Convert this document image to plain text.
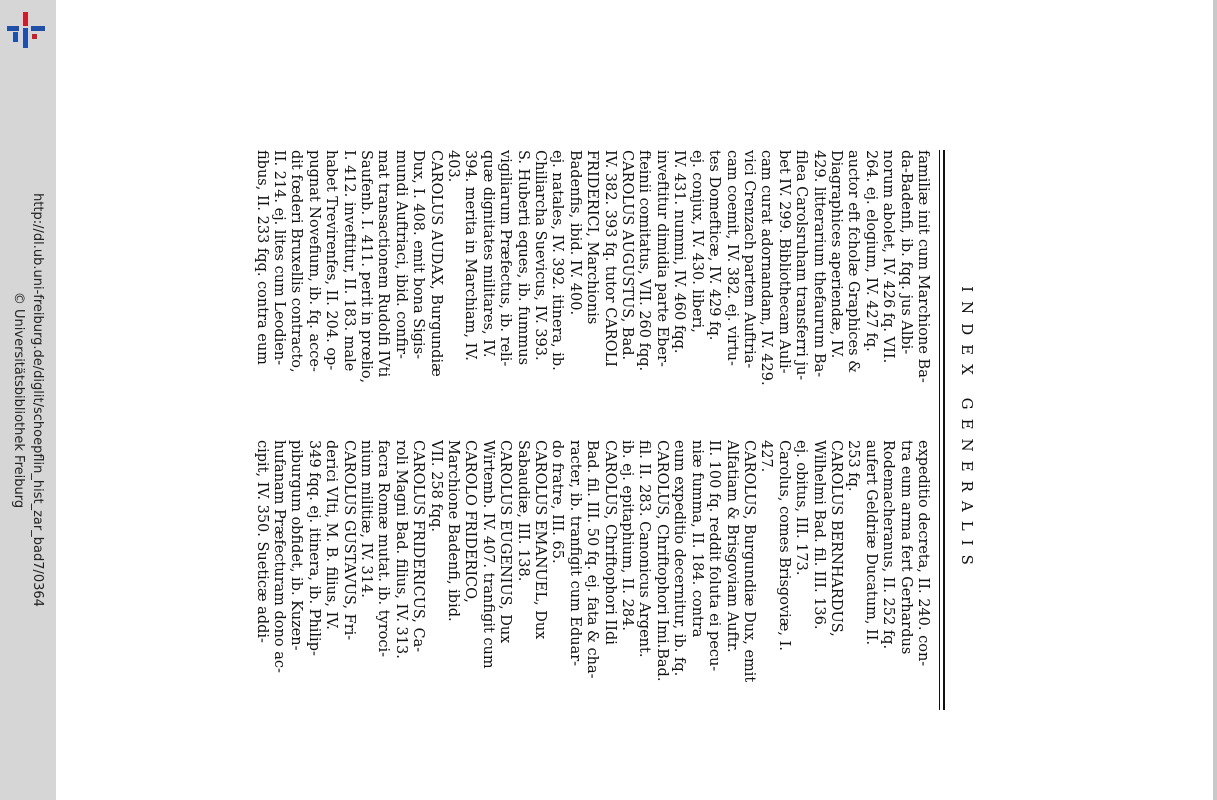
http://dl.ub.uni-freiburg.de/diglit/schoepflin_hist_zar_bad7/0364
© Universitätsbibliothek Freiburg	INDEX GENERALIS
familiæ init cum Marchione Ba-
da-Badenfi, ib. fqq. jus Albi-
norum abolet, IV. 426 fq. VII.
264. ej. elogium, IV. 427 fq.
auctor eft fcholæ Graphices &
Diagraphices aperiendæ, IV.
429. litterarium thefaurum Ba-
filea Carolsruham transferri ju-
bet IV. 299. Bibliothecam Auli-
cam curat adornandam, IV. 429.
vici Crenzach partem Auftria-
cam coemit, IV. 382. ej. virtu-
tes Domefticæ, IV. 429 fq.
ej. conjux, IV. 430. liberi,
IV. 431. nummi, IV. 460 fqq.
inveftitur dimidia parte Eber-
fteinii comitatus, VII. 260 fqq.
CAROLUS AUGUSTUS, Bad.
IV. 382. 393 fq. tutor CAROLI
FRIDERICI, Marchionis
Badenfis, ibid. IV. 400.
ej. natales, IV. 392. itinera, ib.
Chiliarcha Suevicus, IV. 393.
S. Huberti eques, ib. fummus
vigiliarum Præfectus, ib. reli-
quæ dignitates militares, IV.
394. merita in Marchiam, IV.
403.
CAROLUS AUDAX, Burgundiæ
Dux, I. 408. emit bona Sigis-
mundi Auftriaci, ibid. confir-
mat transactionem Rudolfi IVti
Saufenb. I. 411. perit in prœlio,
I. 412. inveftitur, II. 183. male
habet Trevirenfes, II. 204. op-
pugnat Novefium, ib. fq. acce-
dit fœderi Bruxellis contracto,
II. 214. ej. lites cum Leodien-
fibus, II. 233 fqq. contra eum
expeditio decreta, II. 240. con-
tra eum arma fert Gerhardus
Rodemacheranus, II. 252 fq.
aufert Geldriæ Ducatum, II.
253 fq.
CAROLUS BERNHARDUS,
Wilhelmi Bad. fil. III. 136.
ej. obitus, III. 173.
Carolus, comes Brisgoviæ, I.
427.
CAROLUS, Burgundiæ Dux, emit
Alfatiam & Brisgoviam Auftr.
II. 100 fq. reddit foluta ei pecu-
niæ fumma, II. 184. contra
eum expeditio decernitur, ib. fq.
CAROLUS, Chriftophori Imi.Bad.
fil. II. 283. Canonicus Argent.
ib. ej. epitaphium, II. 284.
CAROLUS, Chriftophori IIdi
Bad. fil. III. 50 fq. ej. fata & cha-
racter, ib. tranfigit cum Eduar-
do fratre, III. 65.
CAROLUS EMANUEL, Dux
Sabaudiæ, III. 138.
CAROLUS EUGENIUS, Dux
Wirtemb. IV. 407. tranfigit cum
CAROLO FRIDERICO,
Marchione Badenfi, ibid.
VII. 258 fqq.
CAROLUS FRIDERICUS, Ca-
roli Magni Bad. filius, IV. 313.
facra Romæ mutat. ib. tyroci-
nium militiæ, IV. 314.
CAROLUS GUSTAVUS, Fri-
derici VIti, M. B. filius, IV.
349 fqq. ej. itinera, ib. Philip-
piburgum obfidet, ib. Kuzen-
hufanam Præfecturam dono ac-
cipit, IV. 350. Sueticæ addi-
